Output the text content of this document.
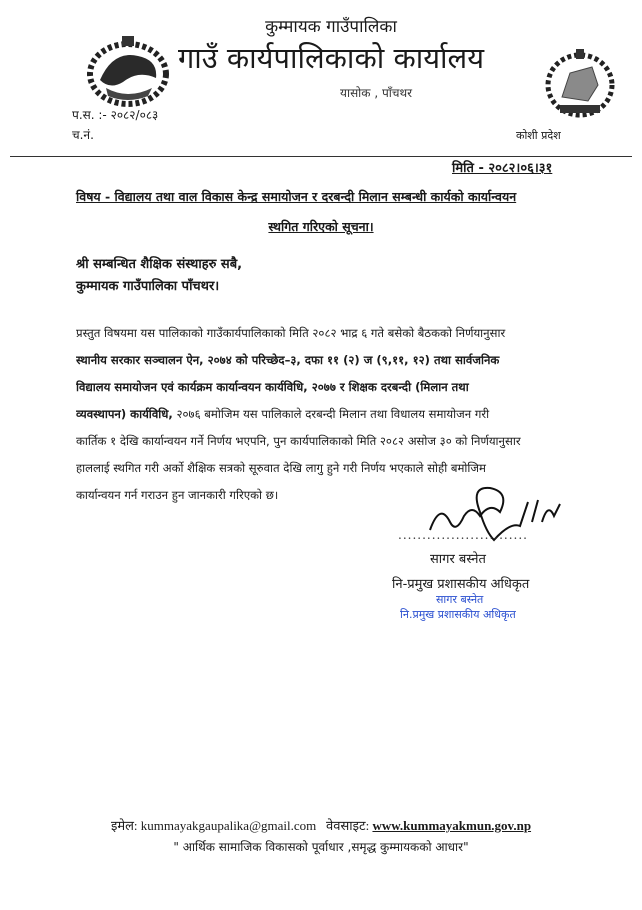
कुम्मायक गाउँपालिका
गाउँ कार्यपालिकाको कार्यालय
यासोक , पाँचथर
प.स. :- २०८२/०८३
च.नं.	कोशी प्रदेश
मिति - २०८२।०६।३१
विषय - विद्यालय तथा वाल विकास केन्द्र समायोजन र दरबन्दी मिलान सम्बन्धी कार्यको कार्यान्वयन
स्थगित गरिएको सूचना।
श्री सम्बन्धित शैक्षिक संस्थाहरु सबै,
कुम्मायक गाउँपालिका पाँचथर।
प्रस्तुत विषयमा यस पालिकाको गाउँकार्यपालिकाको मिति २०८२ भाद्र ६ गते बसेको बैठकको निर्णयानुसार
स्थानीय सरकार सञ्चालन ऐन, २०७४ को परिच्छेद–३, दफा ११ (२) ज (९,११, १२) तथा सार्वजनिक
विद्यालय समायोजन एवं कार्यक्रम कार्यान्वयन कार्यविधि, २०७७ र शिक्षक दरबन्दी (मिलान तथा
व्यवस्थापन) कार्यविधि, २०७६ बमोजिम यस पालिकाले दरबन्दी मिलान तथा विधालय समायोजन गरी
कार्तिक १ देखि कार्यान्वयन गर्ने निर्णय भएपनि, पुन कार्यपालिकाको मिति २०८२ असोज ३० को निर्णयानुसार
हाललाई स्थगित गरी अर्को शैक्षिक सत्रको सूरुवात देखि लागु हुने गरी निर्णय भएकाले सोही बमोजिम
कार्यान्वयन गर्न गराउन हुन जानकारी गरिएको छ।
...........................
सागर बस्नेत
नि-प्रमुख प्रशासकीय अधिकृत
सागर बस्नेत
नि.प्रमुख प्रशासकीय अधिकृत
इमेल: kummayakgaupalika@gmail.com वेवसाइट: www.kummayakmun.gov.np
" आर्थिक सामाजिक विकासको पूर्वाधार ,समृद्ध कुम्मायकको आधार"
